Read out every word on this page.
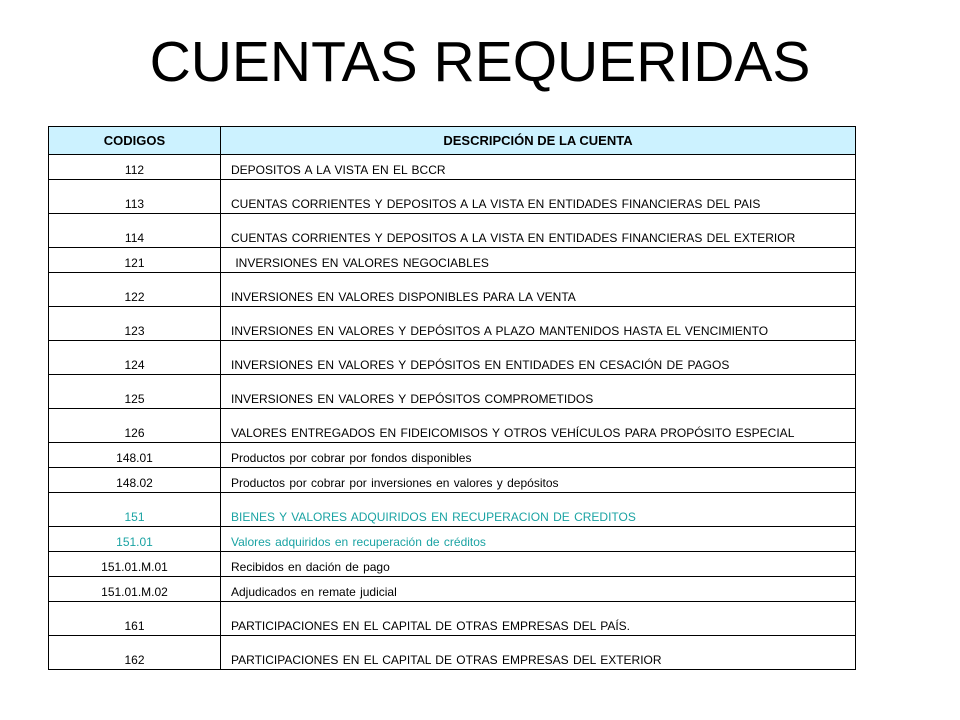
CUENTAS REQUERIDAS
CODIGOS	DESCRIPCIÓN DE LA CUENTA
112	DEPOSITOS A LA VISTA EN EL BCCR
113	CUENTAS CORRIENTES Y DEPOSITOS A LA VISTA EN ENTIDADES FINANCIERAS DEL PAIS
114	CUENTAS CORRIENTES Y DEPOSITOS A LA VISTA EN ENTIDADES FINANCIERAS DEL EXTERIOR
121	INVERSIONES EN VALORES NEGOCIABLES
122	INVERSIONES EN VALORES DISPONIBLES PARA LA VENTA
123	INVERSIONES EN VALORES Y DEPÓSITOS A PLAZO MANTENIDOS HASTA EL VENCIMIENTO
124	INVERSIONES EN VALORES Y DEPÓSITOS EN ENTIDADES EN CESACIÓN DE PAGOS
125	INVERSIONES EN VALORES Y DEPÓSITOS COMPROMETIDOS
126	VALORES ENTREGADOS EN FIDEICOMISOS Y OTROS VEHÍCULOS PARA PROPÓSITO ESPECIAL
148.01	Productos por cobrar por fondos disponibles
148.02	Productos por cobrar por inversiones en valores y depósitos
151	BIENES Y VALORES ADQUIRIDOS EN RECUPERACION DE CREDITOS
151.01	Valores adquiridos en recuperación de créditos
151.01.M.01	Recibidos en dación de pago
151.01.M.02	Adjudicados en remate judicial
161	PARTICIPACIONES EN EL CAPITAL DE OTRAS EMPRESAS DEL PAÍS.
162	PARTICIPACIONES EN EL CAPITAL DE OTRAS EMPRESAS DEL EXTERIOR
